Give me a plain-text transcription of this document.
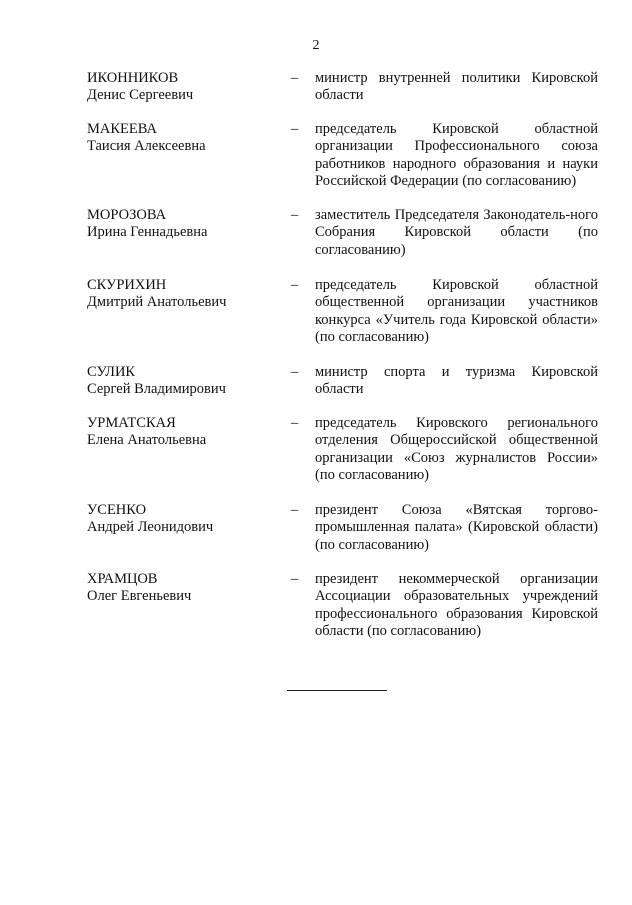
2
ИКОННИКОВ
Денис Сергеевич
– министр внутренней политики Кировской области
МАКЕЕВА
Таисия Алексеевна
– председатель Кировской областной организации Профессионального союза работников народного образования и науки Российской Федерации (по согласованию)
МОРОЗОВА
Ирина Геннадьевна
– заместитель Председателя Законодатель-ного Собрания Кировской области (по согласованию)
СКУРИХИН
Дмитрий Анатольевич
– председатель Кировской областной общественной организации участников конкурса «Учитель года Кировской области» (по согласованию)
СУЛИК
Сергей Владимирович
– министр спорта и туризма Кировской области
УРМАТСКАЯ
Елена Анатольевна
– председатель Кировского регионального отделения Общероссийской общественной организации «Союз журналистов России» (по согласованию)
УСЕНКО
Андрей Леонидович
– президент Союза «Вятская торгово-промышленная палата» (Кировской области) (по согласованию)
ХРАМЦОВ
Олег Евгеньевич
– президент некоммерческой организации Ассоциации образовательных учреждений профессионального образования Кировской области (по согласованию)
